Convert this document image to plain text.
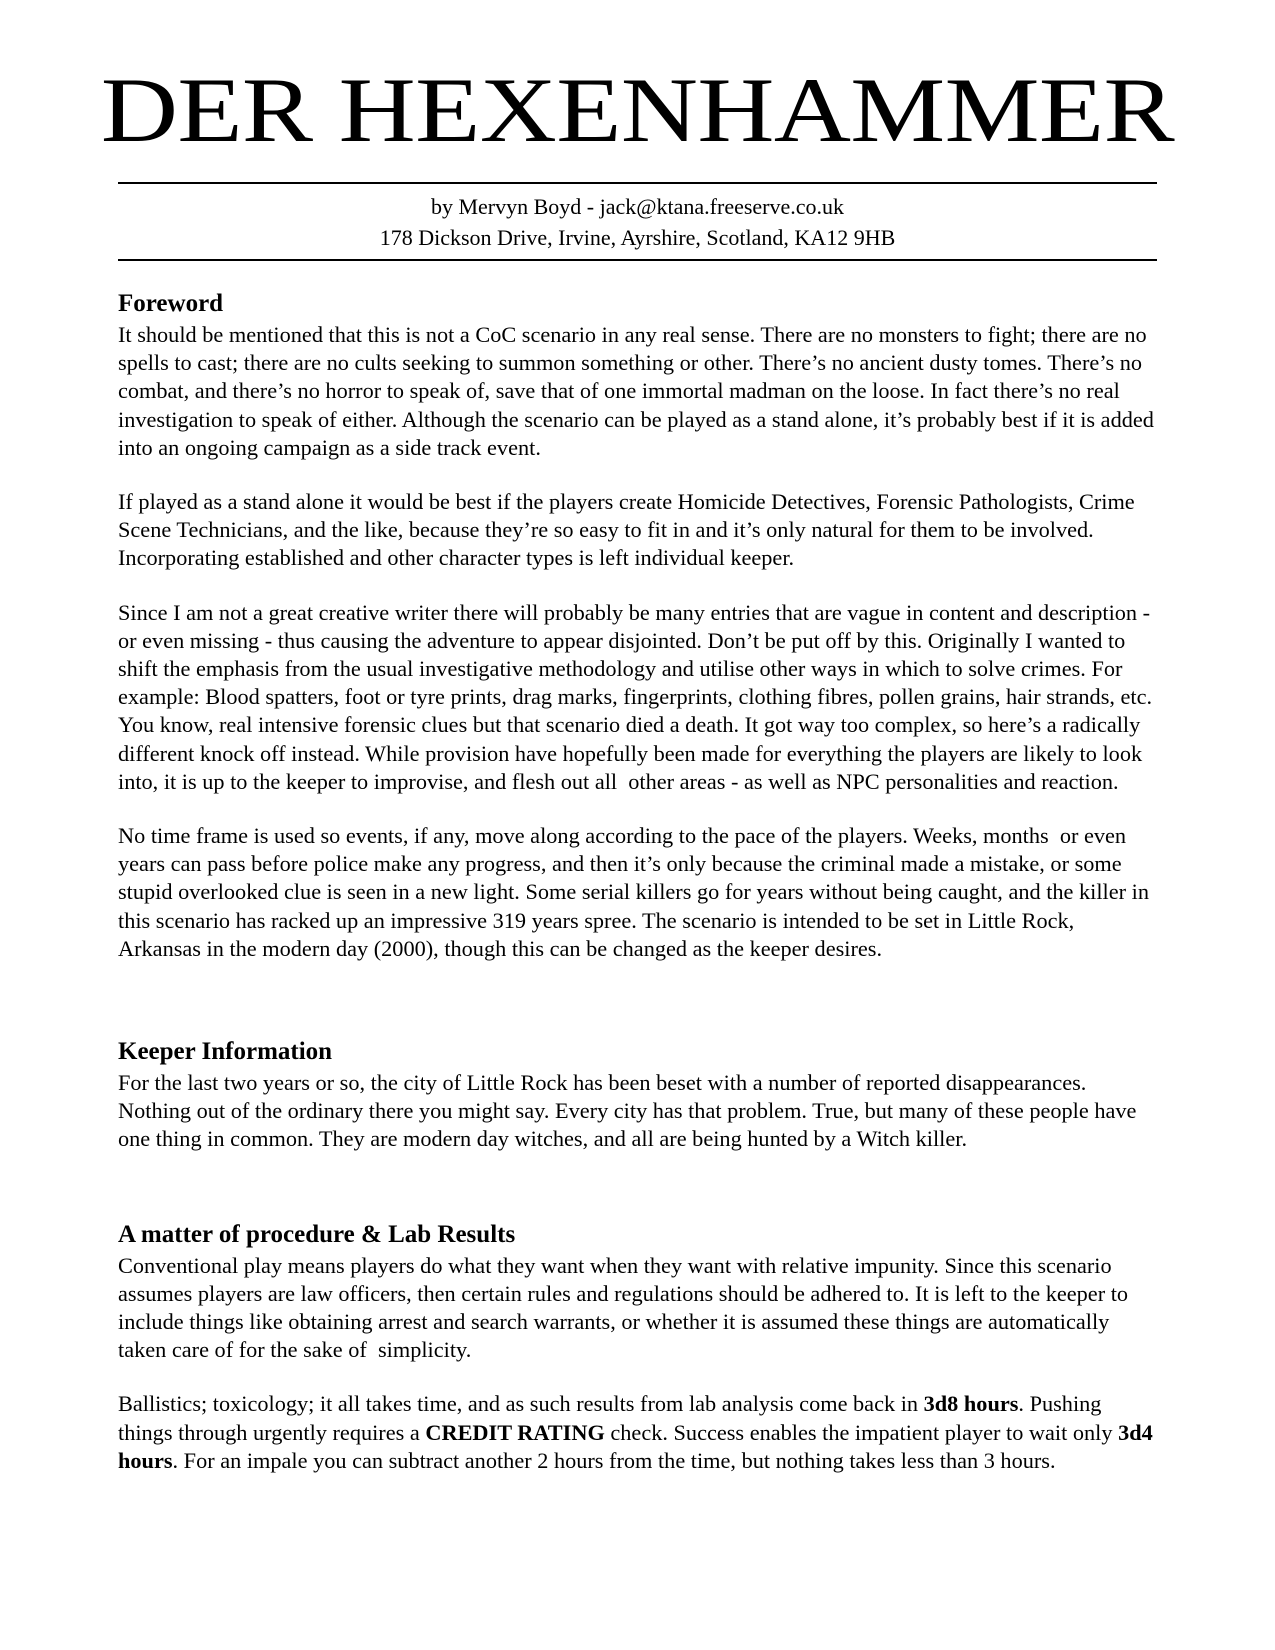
DER HEXENHAMMER

by Mervyn Boyd - jack@ktana.freeserve.co.uk

178 Dickson Drive, Irvine, Ayrshire, Scotland, KA12 9HB

Foreword

It should be mentioned that this is not a CoC scenario in any real sense. There are no monsters to fight; there are no spells to cast; there are no cults seeking to summon something or other. There’s no ancient dusty tomes. There’s no combat, and there’s no horror to speak of, save that of one immortal madman on the loose. In fact there’s no real investigation to speak of either. Although the scenario can be played as a stand alone, it’s probably best if it is added into an ongoing campaign as a side track event.

If played as a stand alone it would be best if the players create Homicide Detectives, Forensic Pathologists, Crime Scene Technicians, and the like, because they’re so easy to fit in and it’s only natural for them to be involved. Incorporating established and other character types is left individual keeper.

Since I am not a great creative writer there will probably be many entries that are vague in content and description - or even missing - thus causing the adventure to appear disjointed. Don’t be put off by this. Originally I wanted to shift the emphasis from the usual investigative methodology and utilise other ways in which to solve crimes. For example: Blood spatters, foot or tyre prints, drag marks, fingerprints, clothing fibres, pollen grains, hair strands, etc. You know, real intensive forensic clues but that scenario died a death. It got way too complex, so here’s a radically different knock off instead. While provision have hopefully been made for everything the players are likely to look into, it is up to the keeper to improvise, and flesh out all  other areas - as well as NPC personalities and reaction.

No time frame is used so events, if any, move along according to the pace of the players. Weeks, months  or even years can pass before police make any progress, and then it’s only because the criminal made a mistake, or some stupid overlooked clue is seen in a new light. Some serial killers go for years without being caught, and the killer in this scenario has racked up an impressive 319 years spree. The scenario is intended to be set in Little Rock, Arkansas in the modern day (2000), though this can be changed as the keeper desires.

Keeper Information

For the last two years or so, the city of Little Rock has been beset with a number of reported disappearances. Nothing out of the ordinary there you might say. Every city has that problem. True, but many of these people have one thing in common. They are modern day witches, and all are being hunted by a Witch killer.

A matter of procedure & Lab Results

Conventional play means players do what they want when they want with relative impunity. Since this scenario assumes players are law officers, then certain rules and regulations should be adhered to. It is left to the keeper to include things like obtaining arrest and search warrants, or whether it is assumed these things are automatically taken care of for the sake of  simplicity.

Ballistics; toxicology; it all takes time, and as such results from lab analysis come back in 3d8 hours. Pushing things through urgently requires a CREDIT RATING check. Success enables the impatient player to wait only 3d4 hours. For an impale you can subtract another 2 hours from the time, but nothing takes less than 3 hours.
